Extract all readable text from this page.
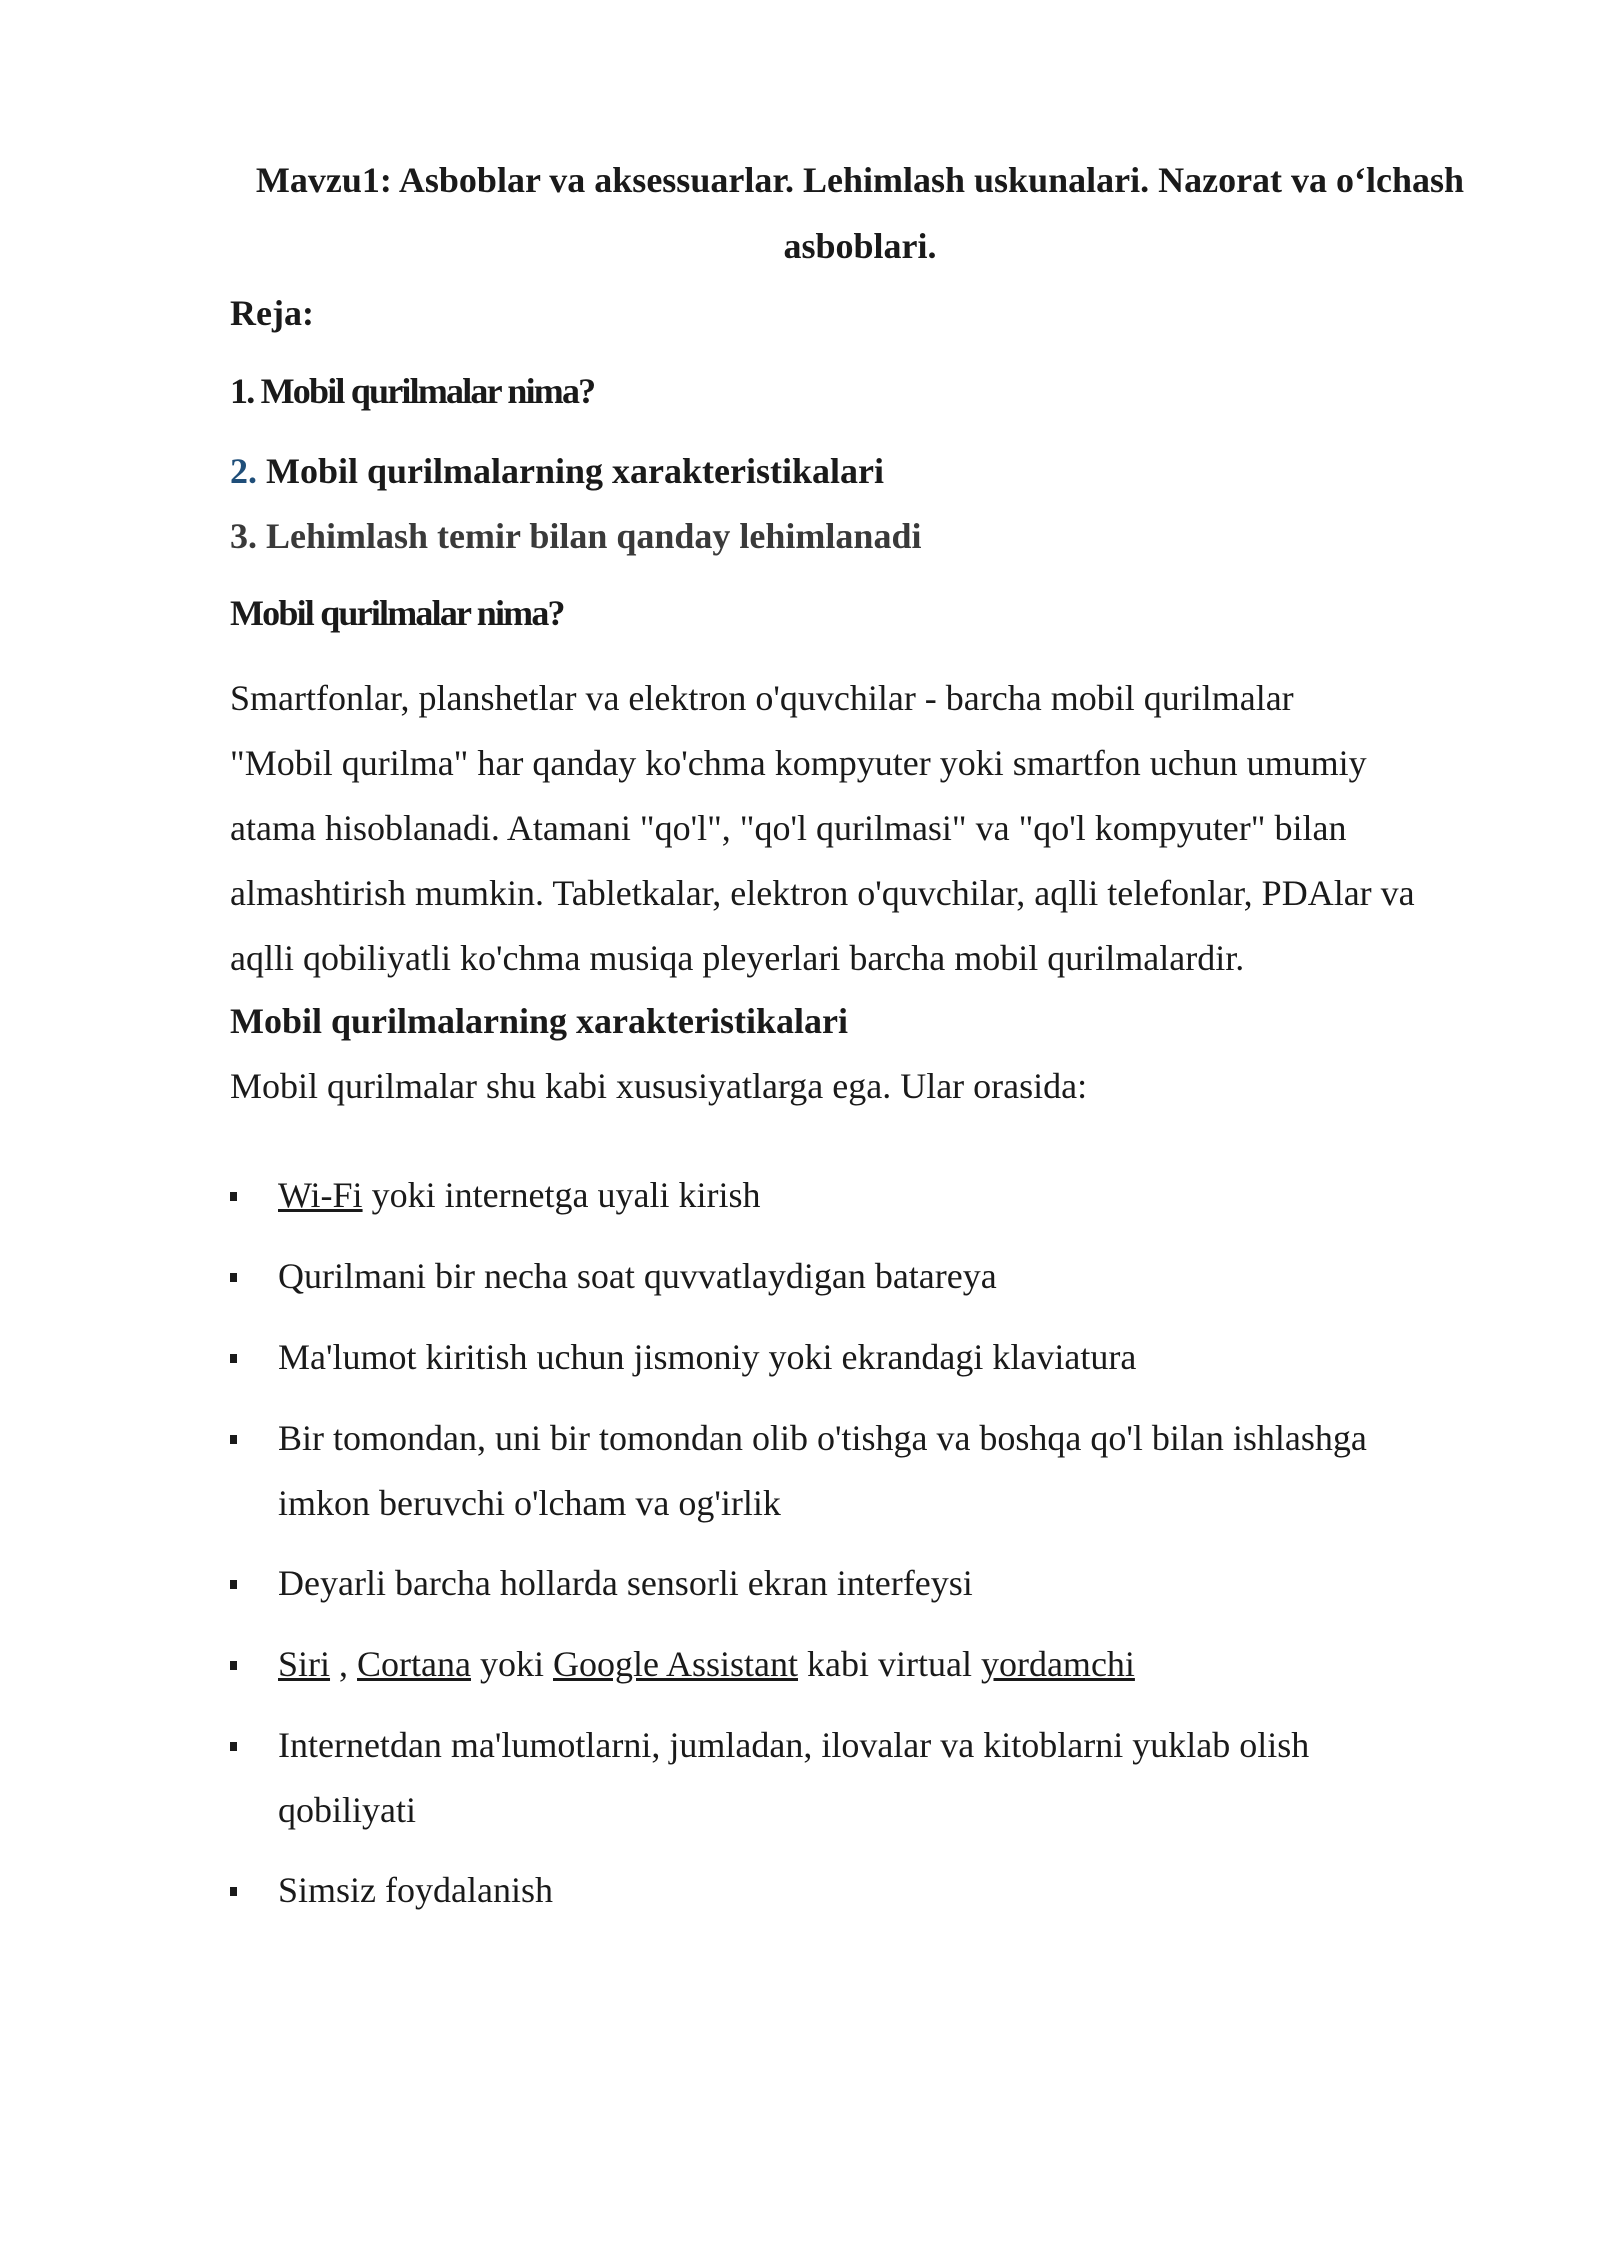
Mavzu1: Asboblar va aksessuarlar. Lehimlash uskunalari. Nazorat va o‘lchash
asboblari.

Reja:

1. Mobil qurilmalar nima?

2. Mobil qurilmalarning xarakteristikalari

3. Lehimlash temir bilan qanday lehimlanadi

Mobil qurilmalar nima?

Smartfonlar, planshetlar va elektron o'quvchilar - barcha mobil qurilmalar
"Mobil qurilma" har qanday ko'chma kompyuter yoki smartfon uchun umumiy
atama hisoblanadi. Atamani "qo'l", "qo'l qurilmasi" va "qo'l kompyuter" bilan
almashtirish mumkin. Tabletkalar, elektron o'quvchilar, aqlli telefonlar, PDAlar va
aqlli qobiliyatli ko'chma musiqa pleyerlari barcha mobil qurilmalardir.

Mobil qurilmalarning xarakteristikalari

Mobil qurilmalar shu kabi xususiyatlarga ega. Ular orasida:

Wi-Fi yoki internetga uyali kirish
Qurilmani bir necha soat quvvatlaydigan batareya
Ma'lumot kiritish uchun jismoniy yoki ekrandagi klaviatura
Bir tomondan, uni bir tomondan olib o'tishga va boshqa qo'l bilan ishlashga
imkon beruvchi o'lcham va og'irlik
Deyarli barcha hollarda sensorli ekran interfeysi
Siri , Cortana yoki Google Assistant kabi virtual yordamchi
Internetdan ma'lumotlarni, jumladan, ilovalar va kitoblarni yuklab olish
qobiliyati
Simsiz foydalanish
